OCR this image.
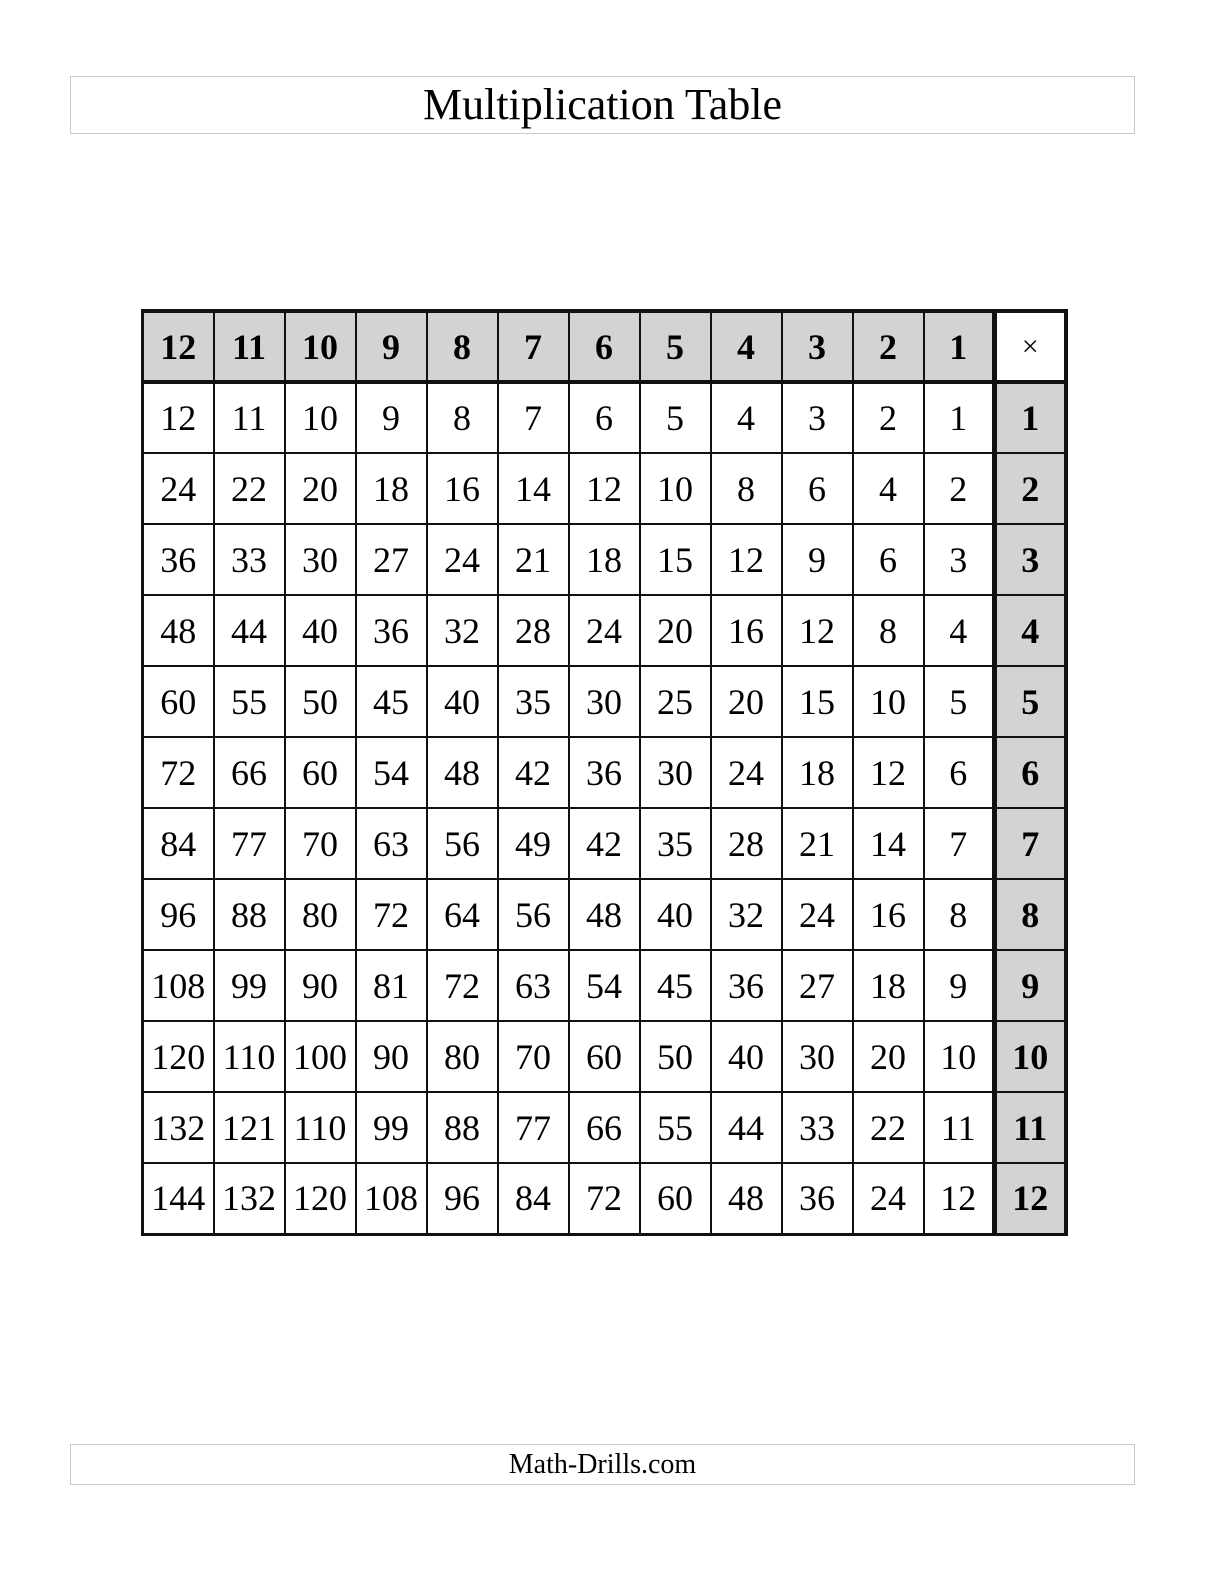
Multiplication Table
12	11	10	9	8	7	6	5	4	3	2	1	×
12	11	10	9	8	7	6	5	4	3	2	1	1
24	22	20	18	16	14	12	10	8	6	4	2	2
36	33	30	27	24	21	18	15	12	9	6	3	3
48	44	40	36	32	28	24	20	16	12	8	4	4
60	55	50	45	40	35	30	25	20	15	10	5	5
72	66	60	54	48	42	36	30	24	18	12	6	6
84	77	70	63	56	49	42	35	28	21	14	7	7
96	88	80	72	64	56	48	40	32	24	16	8	8
108	99	90	81	72	63	54	45	36	27	18	9	9
120	110	100	90	80	70	60	50	40	30	20	10	10
132	121	110	99	88	77	66	55	44	33	22	11	11
144	132	120	108	96	84	72	60	48	36	24	12	12
Math-Drills.com
